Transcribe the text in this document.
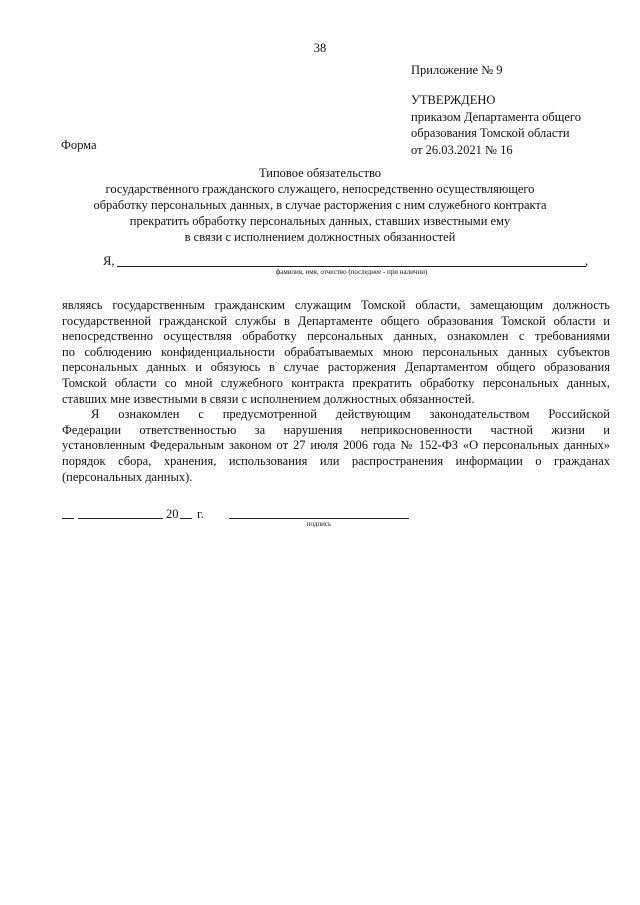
38
Приложение № 9
УТВЕРЖДЕНО
приказом Департамента общего
образования Томской области
от 26.03.2021 № 16
Форма
Типовое обязательство
государственного гражданского служащего, непосредственно осуществляющего
обработку персональных данных, в случае расторжения с ним служебного контракта
прекратить обработку персональных данных, ставших известными ему
в связи с исполнением должностных обязанностей
Я,	,
фамилия, имя, отчество (последнее - при наличии)

являясь государственным гражданским служащим Томской области, замещающим должность
государственной гражданской службы в Департаменте общего образования Томской области и
непосредственно осуществляя обработку персональных данных, ознакомлен с требованиями
по соблюдению конфиденциальности обрабатываемых мною персональных данных субъектов
персональных данных и обязуюсь в случае расторжения Департаментом общего образования
Томской области со мной служебного контракта прекратить обработку персональных данных,
ставших мне известными в связи с исполнением должностных обязанностей.

Я ознакомлен с предусмотренной действующим законодательством Российской
Федерации ответственностью за нарушения неприкосновенности частной жизни и
установленным Федеральным законом от 27 июля 2006 года № 152-ФЗ «О персональных данных»
порядок сбора, хранения, использования или распространения информации о гражданах
(персональных данных).

20 г.
подпись
